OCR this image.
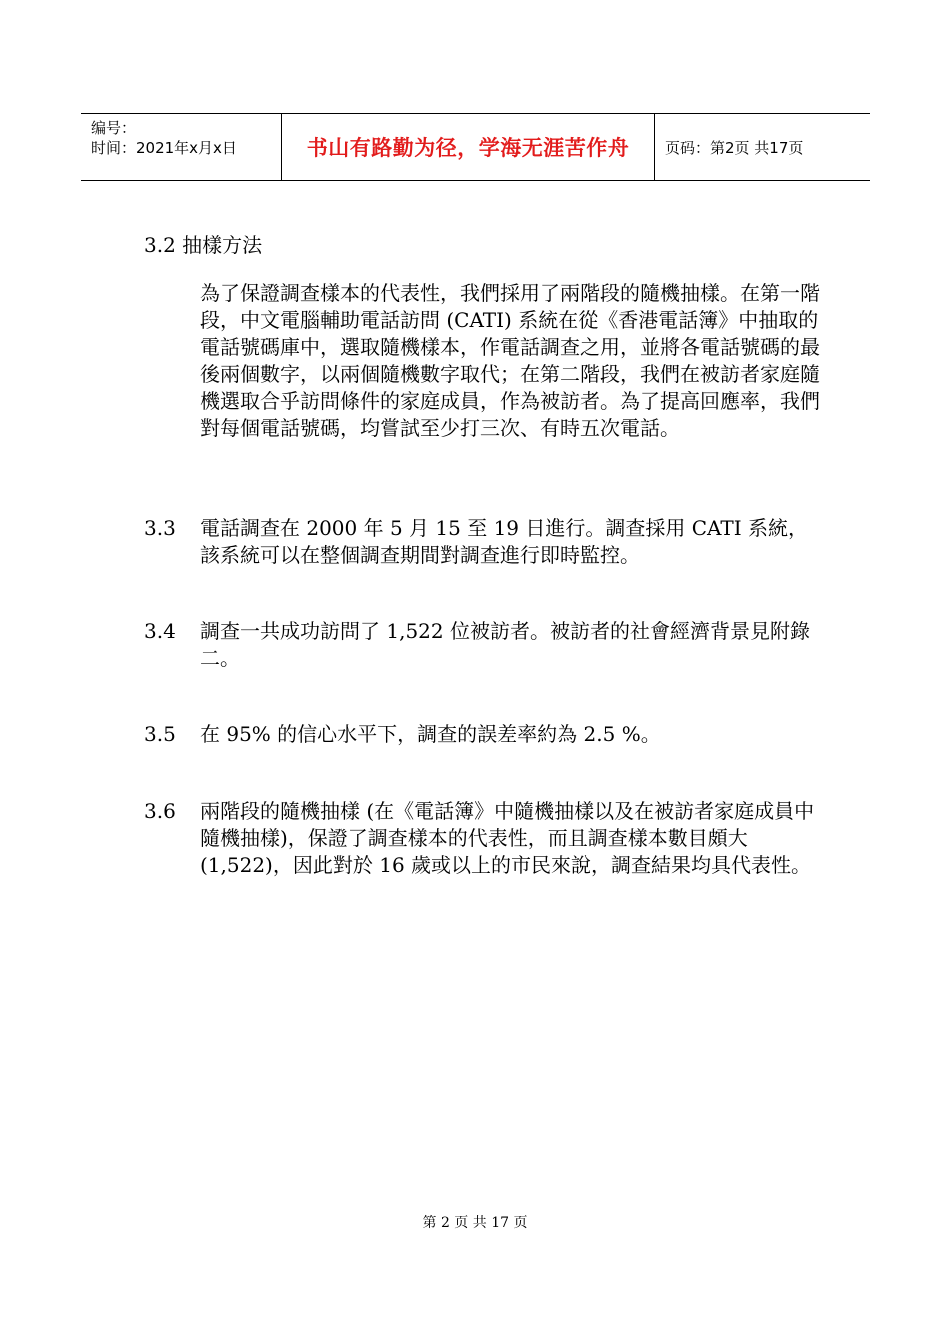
编号：
时间：2021年x月x日	书山有路勤为径，学海无涯苦作舟	页码：第2页 共17页
3.2 抽樣方法
為了保證調查樣本的代表性，我們採用了兩階段的隨機抽樣。在第一階段，中文電腦輔助電話訪問 (CATI) 系統在從《香港電話簿》中抽取的電話號碼庫中，選取隨機樣本，作電話調查之用，並將各電話號碼的最後兩個數字，以兩個隨機數字取代；在第二階段，我們在被訪者家庭隨機選取合乎訪問條件的家庭成員，作為被訪者。為了提高回應率，我們對每個電話號碼，均嘗試至少打三次、有時五次電話。
3.3	電話調查在 2000 年 5 月 15 至 19 日進行。調查採用 CATI 系統，該系統可以在整個調查期間對調查進行即時監控。
3.4	調查一共成功訪問了 1,522 位被訪者。被訪者的社會經濟背景見附錄二。
3.5	在 95% 的信心水平下，調查的誤差率約為 2.5 %。
3.6	兩階段的隨機抽樣 (在《電話簿》中隨機抽樣以及在被訪者家庭成員中隨機抽樣)，保證了調查樣本的代表性，而且調查樣本數目頗大 (1,522)，因此對於 16 歲或以上的市民來說，調查結果均具代表性。
第 2 页 共 17 页
